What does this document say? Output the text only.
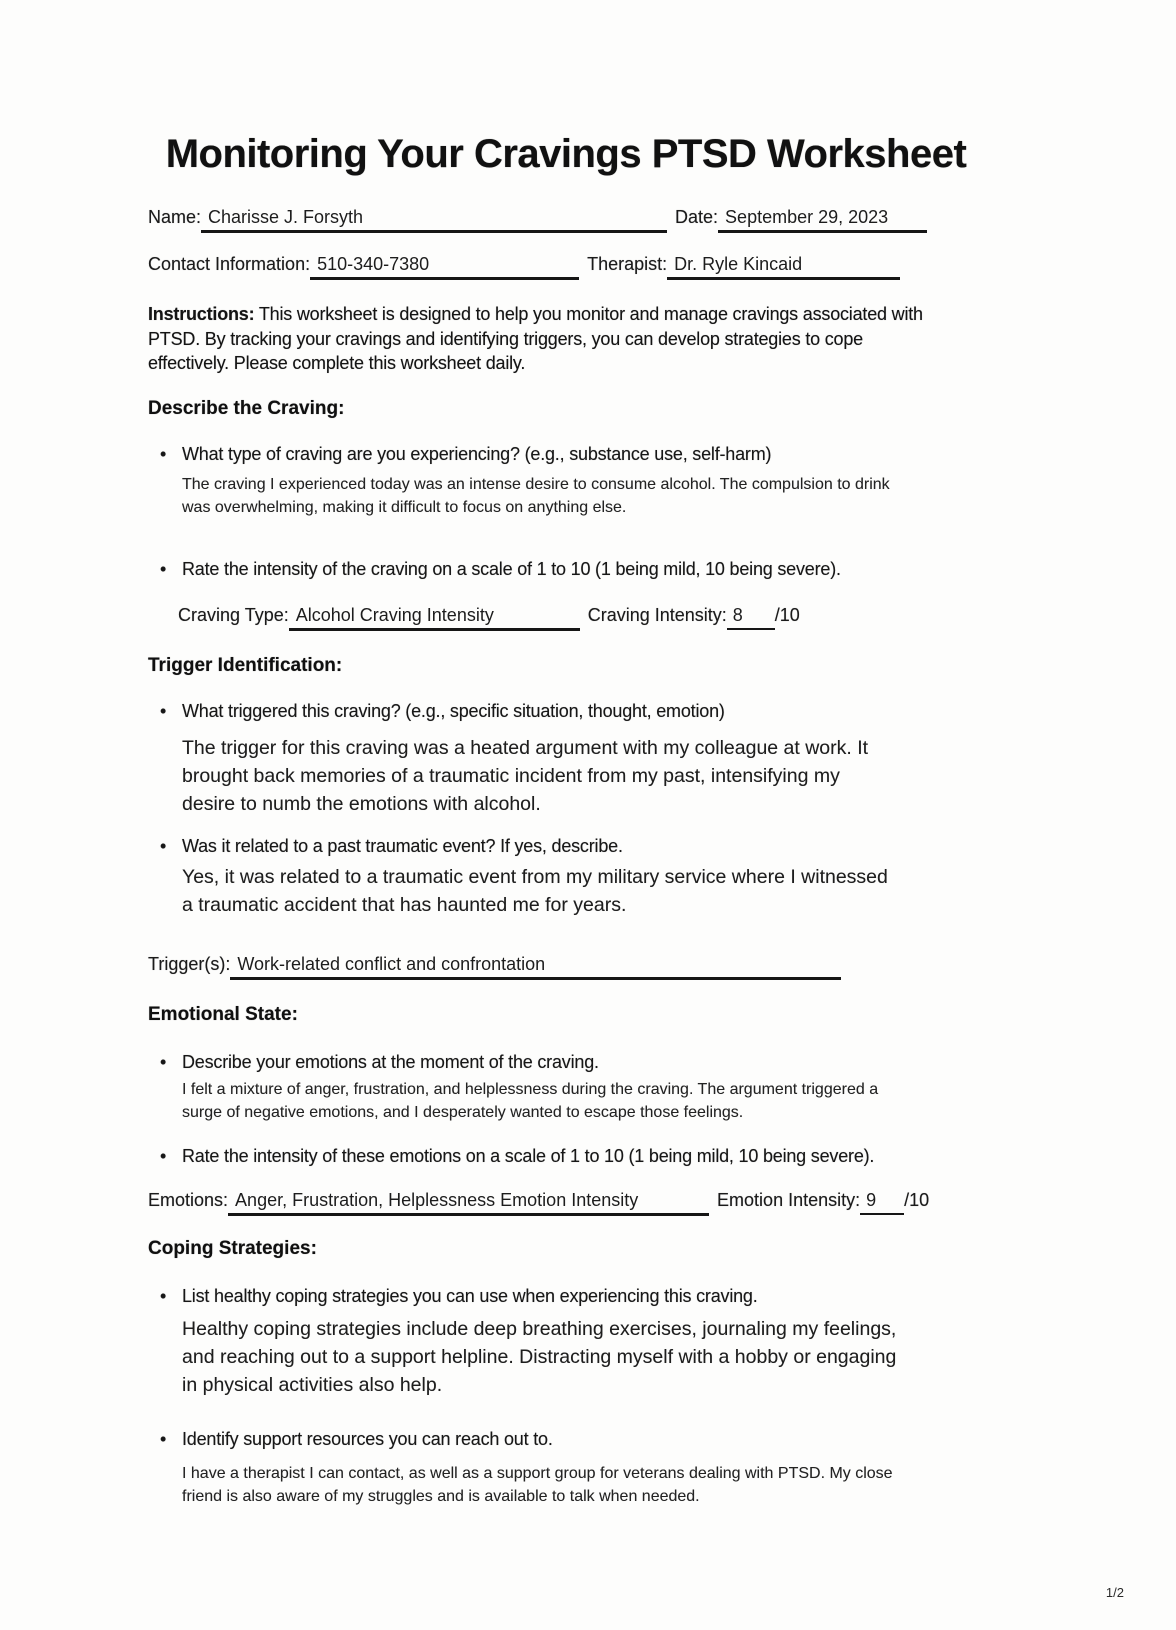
Monitoring Your Cravings PTSD Worksheet
Name: Charisse J. Forsyth	Date: September 29, 2023
Contact Information: 510-340-7380	Therapist: Dr. Ryle Kincaid
Instructions: This worksheet is designed to help you monitor and manage cravings associated with PTSD. By tracking your cravings and identifying triggers, you can develop strategies to cope effectively. Please complete this worksheet daily.
Describe the Craving:
•
What type of craving are you experiencing? (e.g., substance use, self-harm)
The craving I experienced today was an intense desire to consume alcohol. The compulsion to drink was overwhelming, making it difficult to focus on anything else.
•
Rate the intensity of the craving on a scale of 1 to 10 (1 being mild, 10 being severe).
Craving Type: Alcohol Craving Intensity	Craving Intensity: 8	/10
Trigger Identification:
•
What triggered this craving? (e.g., specific situation, thought, emotion)
The trigger for this craving was a heated argument with my colleague at work. It brought back memories of a traumatic incident from my past, intensifying my desire to numb the emotions with alcohol.
•
Was it related to a past traumatic event? If yes, describe.
Yes, it was related to a traumatic event from my military service where I witnessed a traumatic accident that has haunted me for years.
Trigger(s): Work-related conflict and confrontation
Emotional State:
•
Describe your emotions at the moment of the craving.
I felt a mixture of anger, frustration, and helplessness during the craving. The argument triggered a surge of negative emotions, and I desperately wanted to escape those feelings.
•
Rate the intensity of these emotions on a scale of 1 to 10 (1 being mild, 10 being severe).
Emotions: Anger, Frustration, Helplessness Emotion Intensity	Emotion Intensity: 9	/10
Coping Strategies:
•
List healthy coping strategies you can use when experiencing this craving.
Healthy coping strategies include deep breathing exercises, journaling my feelings, and reaching out to a support helpline. Distracting myself with a hobby or engaging in physical activities also help.
•
Identify support resources you can reach out to.
I have a therapist I can contact, as well as a support group for veterans dealing with PTSD. My close friend is also aware of my struggles and is available to talk when needed.
1/2
